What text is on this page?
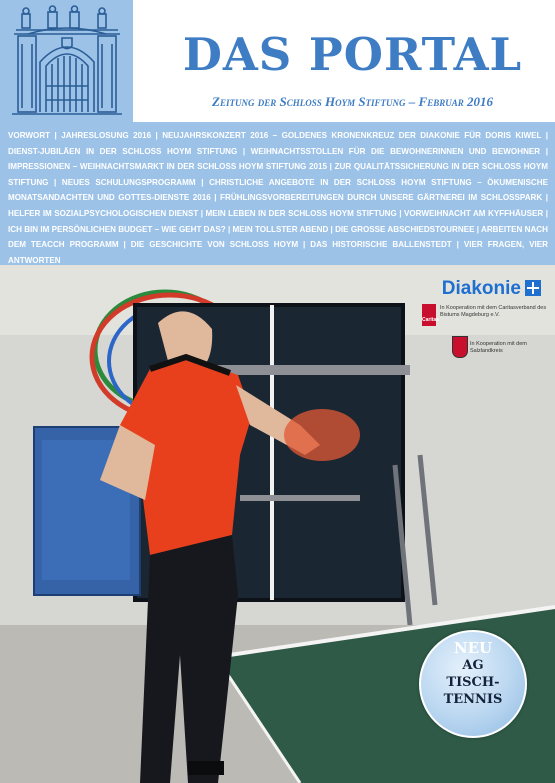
DAS PORTAL

Zeitung der Schloß Hoym Stiftung – Februar 2016

VORWORT | JAHRESLOSUNG 2016 | NEUJAHRSKONZERT 2016 – GOLDENES KRONENKREUZ DER DIAKONIE FÜR DORIS KIWEL | DIENST-JUBILÄEN IN DER SCHLOSS HOYM STIFTUNG | WEIHNACHTSSTOLLEN FÜR DIE BEWOHNERINNEN UND BEWOHNER | IMPRESSIONEN – WEIHNACHTSMARKT IN DER SCHLOSS HOYM STIFTUNG 2015 | ZUR QUALITÄTSSICHERUNG IN DER SCHLOSS HOYM STIFTUNG | NEUES SCHULUNGSPROGRAMM | CHRISTLICHE ANGEBOTE IN DER SCHLOSS HOYM STIFTUNG – ÖKUMENISCHE MONATSANDACHTEN UND GOTTES-DIENSTE 2016 | FRÜHLINGSVORBEREITUNGEN DURCH UNSERE GÄRTNEREI IM SCHLOSSPARK | HELFER IM SOZIALPSYCHOLOGISCHEN DIENST | MEIN LEBEN IN DER SCHLOSS HOYM STIFTUNG | VORWEIHNACHT AM KYFFHÄUSER | ICH BIN IM PERSÖNLICHEN BUDGET – WIE GEHT DAS? | MEIN TOLLSTER ABEND | DIE GROSSE ABSCHIEDSTOURNEE | ARBEITEN NACH DEM TEACCH PROGRAMM | DIE GESCHICHTE VON SCHLOSS HOYM | DAS HISTORISCHE BALLENSTEDT | VIER FRAGEN, VIER ANTWORTEN

Diakonie
Caritas
In Kooperation mit dem Caritasverband des Bistums Magdeburg e.V.
In Kooperation mit dem Salzlandkreis
NEU
AG
TISCH-
TENNIS
